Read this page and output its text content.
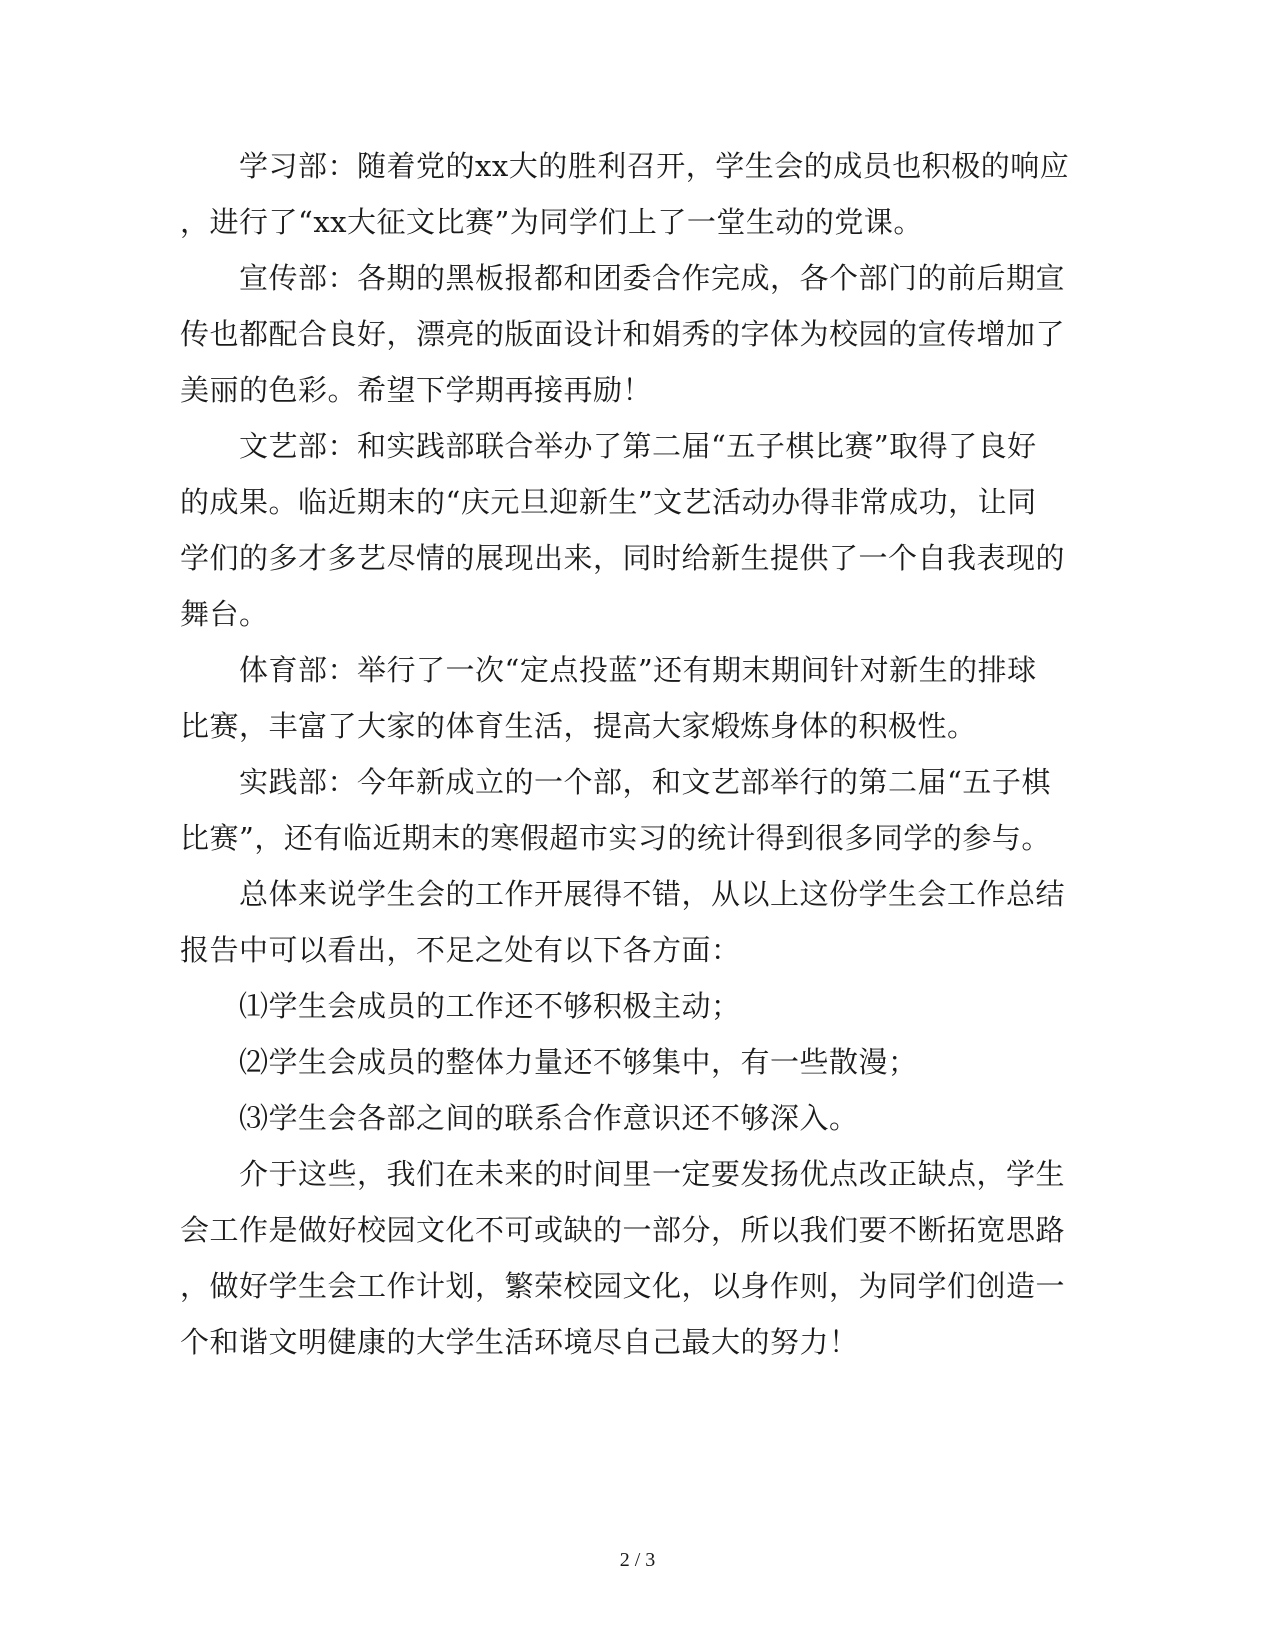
学习部：随着党的xx大的胜利召开，学生会的成员也积极的响应
，进行了“xx大征文比赛”为同学们上了一堂生动的党课。
宣传部：各期的黑板报都和团委合作完成，各个部门的前后期宣
传也都配合良好，漂亮的版面设计和娟秀的字体为校园的宣传增加了
美丽的色彩。希望下学期再接再励！
文艺部：和实践部联合举办了第二届“五子棋比赛”取得了良好
的成果。临近期末的“庆元旦迎新生”文艺活动办得非常成功，让同
学们的多才多艺尽情的展现出来，同时给新生提供了一个自我表现的
舞台。
体育部：举行了一次“定点投蓝”还有期末期间针对新生的排球
比赛，丰富了大家的体育生活，提高大家煅炼身体的积极性。
实践部：今年新成立的一个部，和文艺部举行的第二届“五子棋
比赛”，还有临近期末的寒假超市实习的统计得到很多同学的参与。
总体来说学生会的工作开展得不错，从以上这份学生会工作总结
报告中可以看出，不足之处有以下各方面：
⑴学生会成员的工作还不够积极主动；
⑵学生会成员的整体力量还不够集中，有一些散漫；
⑶学生会各部之间的联系合作意识还不够深入。
介于这些，我们在未来的时间里一定要发扬优点改正缺点，学生
会工作是做好校园文化不可或缺的一部分，所以我们要不断拓宽思路
，做好学生会工作计划，繁荣校园文化，以身作则，为同学们创造一
个和谐文明健康的大学生活环境尽自己最大的努力！
2 / 3
